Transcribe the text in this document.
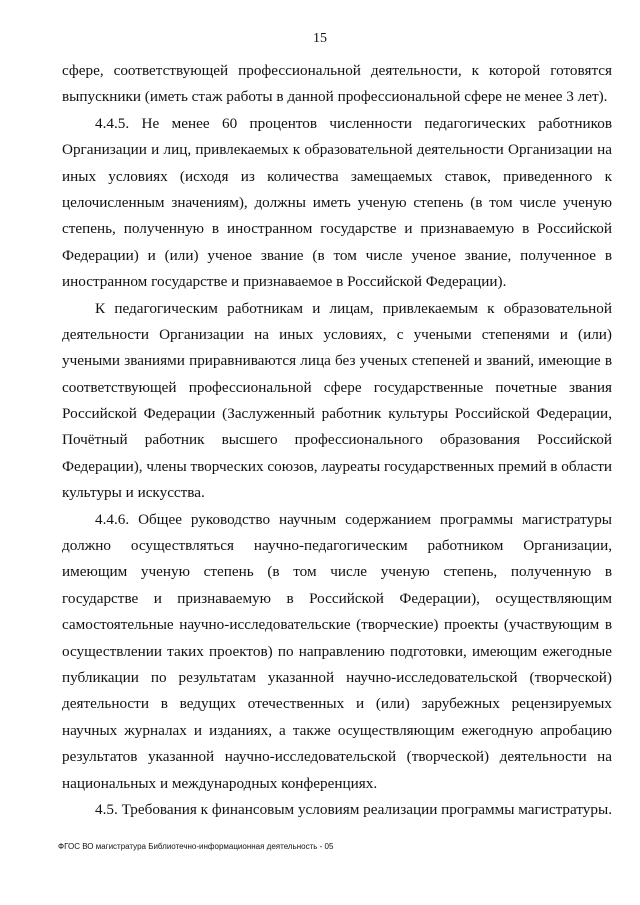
15
сфере, соответствующей профессиональной деятельности, к которой готовятся
выпускники (иметь стаж работы в данной профессиональной сфере не менее 3 лет).
4.4.5. Не менее 60 процентов численности педагогических работников
Организации и лиц, привлекаемых к образовательной деятельности Организации на
иных условиях (исходя из количества замещаемых ставок, приведенного к
целочисленным значениям), должны иметь ученую степень (в том числе ученую
степень, полученную в иностранном государстве и признаваемую в Российской
Федерации) и (или) ученое звание (в том числе ученое звание, полученное в
иностранном государстве и признаваемое в Российской Федерации).
К педагогическим работникам и лицам, привлекаемым к образовательной
деятельности Организации на иных условиях, с учеными степенями и (или)
учеными званиями приравниваются лица без ученых степеней и званий, имеющие в
соответствующей профессиональной сфере государственные почетные звания
Российской Федерации (Заслуженный работник культуры Российской Федерации,
Почётный работник высшего профессионального образования Российской
Федерации), члены творческих союзов, лауреаты государственных премий в области
культуры и искусства.
4.4.6. Общее руководство научным содержанием программы магистратуры
должно осуществляться научно-педагогическим работником Организации,
имеющим ученую степень (в том числе ученую степень, полученную в
государстве и признаваемую в Российской Федерации), осуществляющим
самостоятельные научно-исследовательские (творческие) проекты (участвующим в
осуществлении таких проектов) по направлению подготовки, имеющим ежегодные
публикации по результатам указанной научно-исследовательской (творческой)
деятельности в ведущих отечественных и (или) зарубежных рецензируемых
научных журналах и изданиях, а также осуществляющим ежегодную апробацию
результатов указанной научно-исследовательской (творческой) деятельности на
национальных и международных конференциях.
4.5. Требования к финансовым условиям реализации программы магистратуры.
ФГОС ВО магистратура Библиотечно-информационная деятельность - 05
